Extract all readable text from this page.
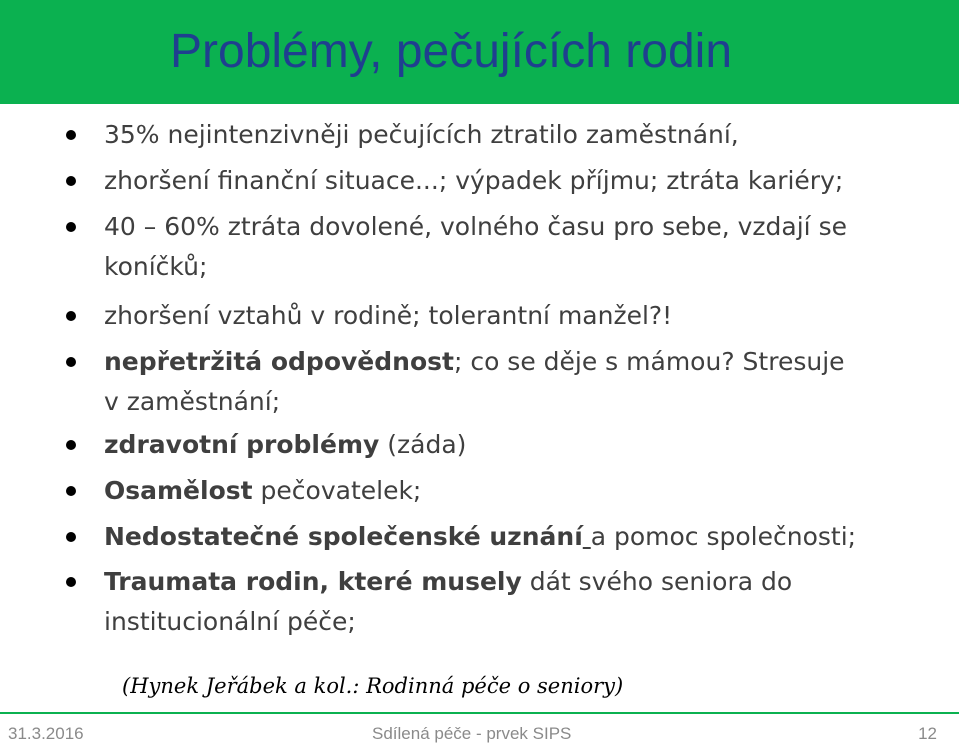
Problémy, pečujících rodin
35% nejintenzivněji pečujících ztratilo zaměstnání,
zhoršení finanční situace...; výpadek příjmu; ztráta kariéry;
40 – 60% ztráta dovolené, volného času pro sebe, vzdají se
koníčků;
zhoršení vztahů v rodině; tolerantní manžel?!
nepřetržitá odpovědnost; co se děje s mámou? Stresuje
v zaměstnání;
zdravotní problémy (záda)
Osamělost pečovatelek;
Nedostatečné společenské uznání a pomoc společnosti;
Traumata rodin, které musely dát svého seniora do
institucionální péče;
(Hynek Jeřábek a kol.: Rodinná péče o seniory)
31.3.2016	Sdílená péče - prvek SIPS	12
